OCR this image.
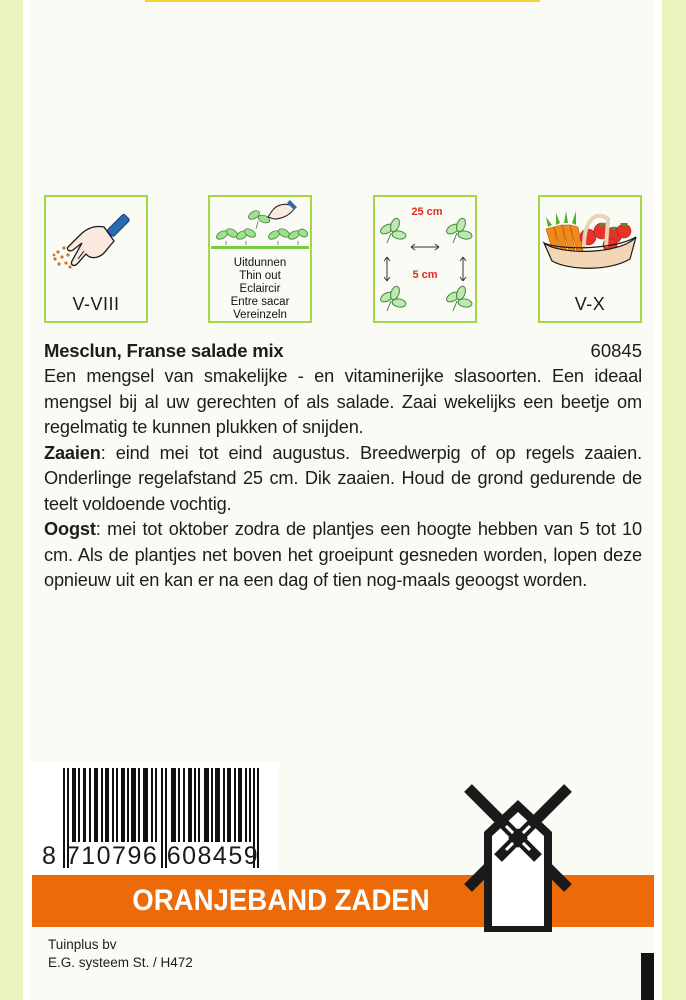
V-VIII
Uitdunnen
Thin out
Eclaircir
Entre sacar
Vereinzeln
25 cm
5 cm
V-X
Mesclun, Franse salade mix	60845

Een mengsel van smakelijke - en vitaminerijke slasoorten. Een ideaal mengsel bij al uw gerechten of als salade. Zaai wekelijks een beetje om regelmatig te kunnen plukken of snijden.

Zaaien: eind mei tot eind augustus. Breedwerpig of op regels zaaien. Onderlinge regelafstand 25 cm. Dik zaaien. Houd de grond gedurende de teelt voldoende vochtig.

Oogst: mei tot oktober zodra de plantjes een hoogte hebben van 5 tot 10 cm. Als de plantjes net boven het groeipunt gesneden worden, lopen deze opnieuw uit en kan er na een dag of tien nog-maals geoogst worden.

8 710796 608459
ORANJEBAND ZADEN
Tuinplus bv
E.G. systeem St. / H472
